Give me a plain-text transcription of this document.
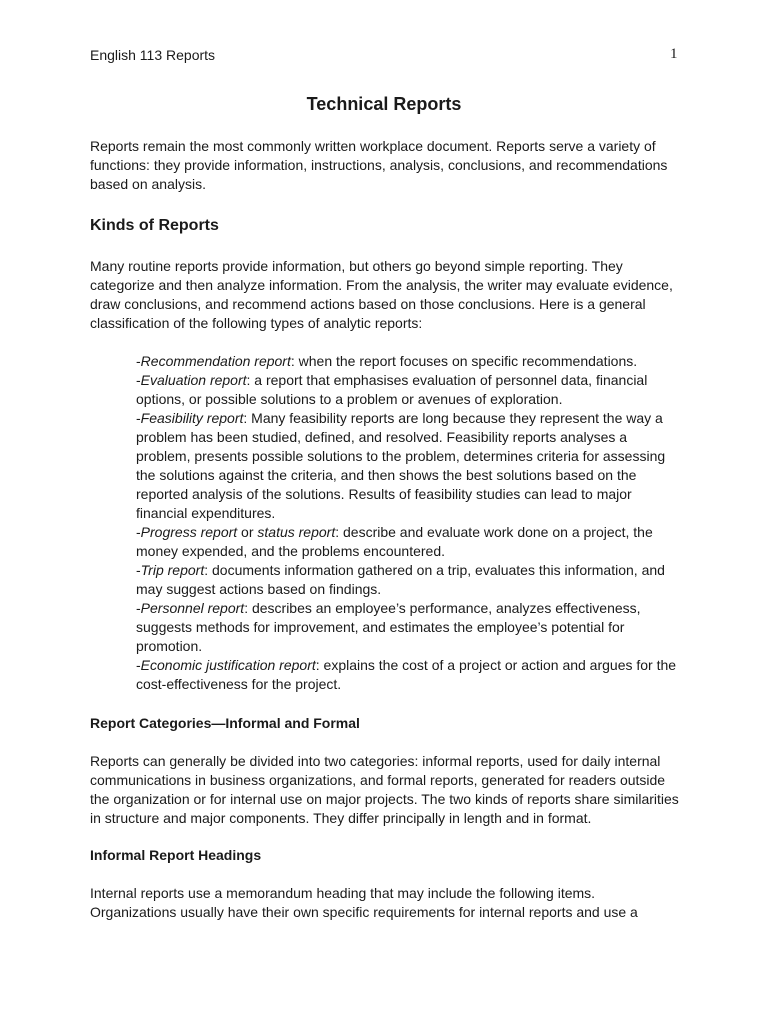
English 113 Reports	1
Technical Reports

Reports remain the most commonly written workplace document. Reports serve a variety of functions: they provide information, instructions, analysis, conclusions, and recommendations based on analysis.

Kinds of Reports

Many routine reports provide information, but others go beyond simple reporting. They categorize and then analyze information. From the analysis, the writer may evaluate evidence, draw conclusions, and recommend actions based on those conclusions. Here is a general classification of the following types of analytic reports:

-Recommendation report: when the report focuses on specific recommendations.
-Evaluation report: a report that emphasises evaluation of personnel data, financial options, or possible solutions to a problem or avenues of exploration.
-Feasibility report: Many feasibility reports are long because they represent the way a problem has been studied, defined, and resolved. Feasibility reports analyses a problem, presents possible solutions to the problem, determines criteria for assessing the solutions against the criteria, and then shows the best solutions based on the reported analysis of the solutions. Results of feasibility studies can lead to major financial expenditures.
-Progress report or status report: describe and evaluate work done on a project, the money expended, and the problems encountered.
-Trip report: documents information gathered on a trip, evaluates this information, and may suggest actions based on findings.
-Personnel report: describes an employee’s performance, analyzes effectiveness, suggests methods for improvement, and estimates the employee’s potential for promotion.
-Economic justification report: explains the cost of a project or action and argues for the cost-effectiveness for the project.
Report Categories—Informal and Formal

Reports can generally be divided into two categories: informal reports, used for daily internal communications in business organizations, and formal reports, generated for readers outside the organization or for internal use on major projects. The two kinds of reports share similarities in structure and major components. They differ principally in length and in format.

Informal Report Headings

Internal reports use a memorandum heading that may include the following items. Organizations usually have their own specific requirements for internal reports and use a
